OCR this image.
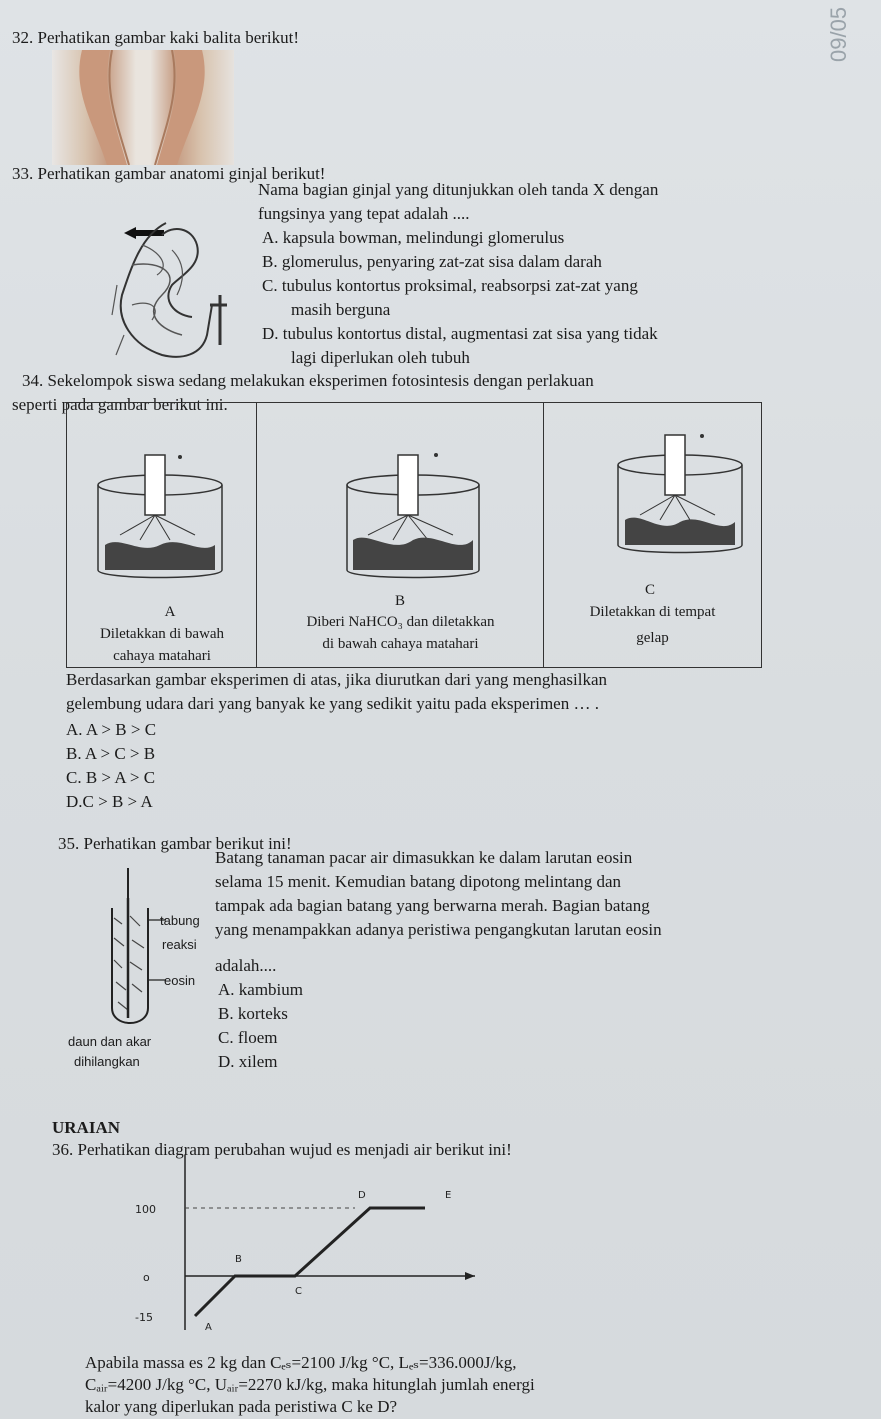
09/05
32. Perhatikan gambar kaki balita berikut!
33. Perhatikan gambar anatomi ginjal berikut!
Nama bagian ginjal yang ditunjukkan oleh tanda X dengan
fungsinya yang tepat adalah ....
A. kapsula bowman, melindungi glomerulus
B. glomerulus, penyaring zat-zat sisa dalam darah
C. tubulus kontortus proksimal, reabsorpsi zat-zat yang
masih berguna
D. tubulus kontortus distal, augmentasi zat sisa yang tidak
lagi diperlukan oleh tubuh
34. Sekelompok siswa sedang melakukan eksperimen fotosintesis dengan perlakuan
seperti pada gambar berikut ini.
A
B
C
Diletakkan di bawah
cahaya matahari
Diberi NaHCO₃ dan diletakkan
di bawah cahaya matahari
Diletakkan di tempat
gelap
Berdasarkan gambar eksperimen di atas, jika diurutkan dari yang menghasilkan
gelembung udara dari yang banyak ke yang sedikit yaitu pada eksperimen … .
A. A > B > C
B. A > C > B
C. B > A > C
D.C > B > A
35. Perhatikan gambar berikut ini!
tabung
reaksi
eosin
daun dan akar
dihilangkan
Batang tanaman pacar air dimasukkan ke dalam larutan eosin
selama 15 menit. Kemudian batang dipotong melintang dan
tampak ada bagian batang yang berwarna merah. Bagian batang
yang menampakkan adanya peristiwa pengangkutan larutan eosin
adalah....
A. kambium
B. korteks
C. floem
D. xilem
URAIAN
36. Perhatikan diagram perubahan wujud es menjadi air berikut ini!
100
o
-15
A
B
C
D	E
Apabila massa es 2 kg dan Cₑₛ=2100 J/kg °C, Lₑₛ=336.000J/kg,
Cₐᵢᵣ=4200 J/kg °C, Uₐᵢᵣ=2270 kJ/kg, maka hitunglah jumlah energi
kalor yang diperlukan pada peristiwa C ke D?
